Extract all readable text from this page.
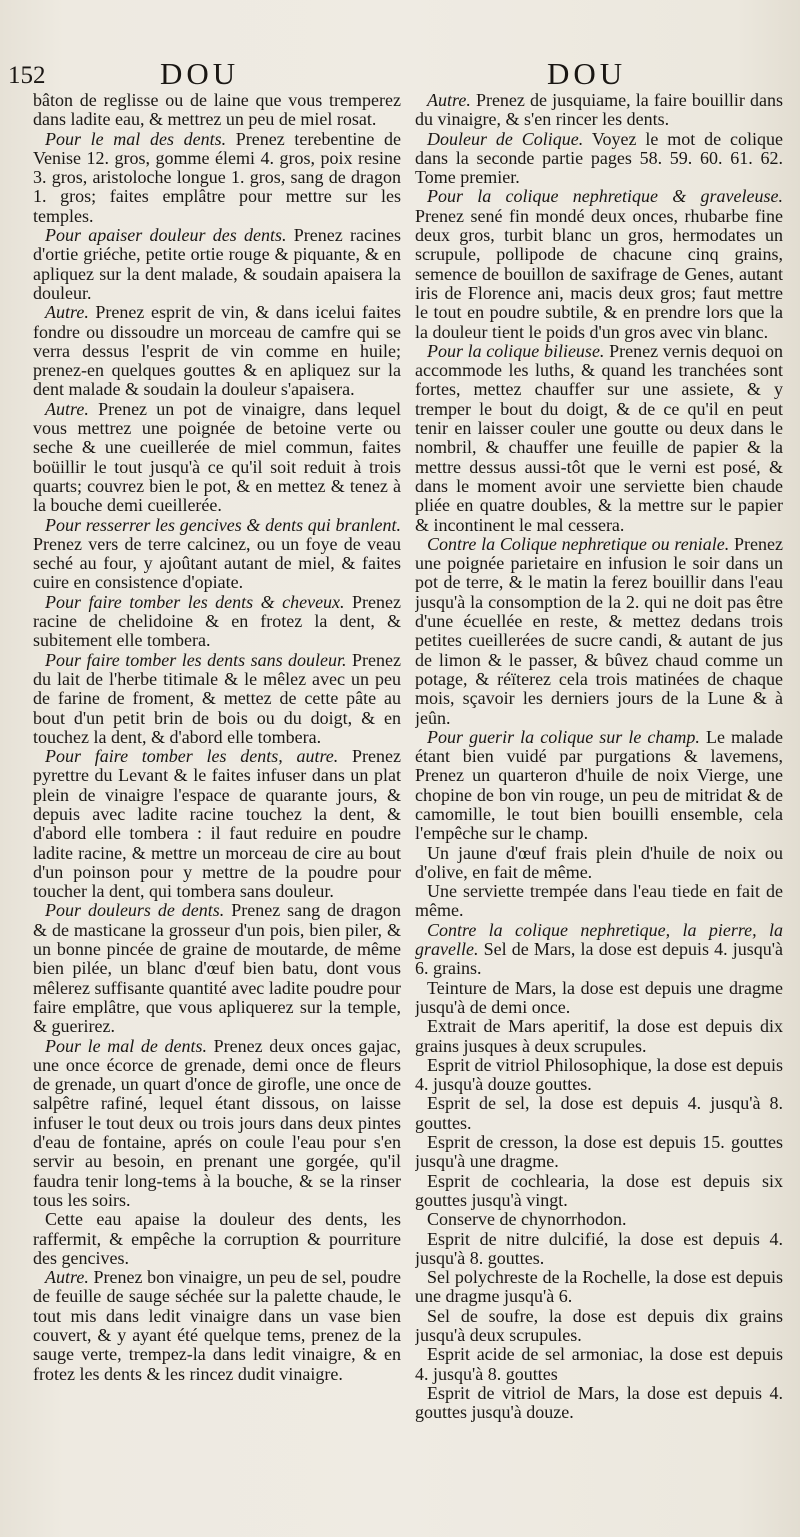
152	DOU	DOU

bâton de reglisse ou de laine que vous tremperez dans ladite eau, & mettrez un peu de miel rosat.

Pour le mal des dents. Prenez terebentine de Venise 12. gros, gomme élemi 4. gros, poix resine 3. gros, aristoloche longue 1. gros, sang de dragon 1. gros; faites emplâtre pour mettre sur les temples.

Pour apaiser douleur des dents. Prenez racines d'ortie griéche, petite ortie rouge & piquante, & en apliquez sur la dent malade, & soudain apaisera la douleur.

Autre. Prenez esprit de vin, & dans icelui faites fondre ou dissoudre un morceau de camfre qui se verra dessus l'esprit de vin comme en huile; prenez-en quelques gouttes & en apliquez sur la dent malade & soudain la douleur s'apaisera.

Autre. Prenez un pot de vinaigre, dans lequel vous mettrez une poignée de betoine verte ou seche & une cueillerée de miel commun, faites boüillir le tout jusqu'à ce qu'il soit reduit à trois quarts; couvrez bien le pot, & en mettez & tenez à la bouche demi cueillerée.

Pour resserrer les gencives & dents qui branlent. Prenez vers de terre calcinez, ou un foye de veau seché au four, y ajoûtant autant de miel, & faites cuire en consistence d'opiate.

Pour faire tomber les dents & cheveux. Prenez racine de chelidoine & en frotez la dent, & subitement elle tombera.

Pour faire tomber les dents sans douleur. Prenez du lait de l'herbe titimale & le mêlez avec un peu de farine de froment, & mettez de cette pâte au bout d'un petit brin de bois ou du doigt, & en touchez la dent, & d'abord elle tombera.

Pour faire tomber les dents, autre. Prenez pyrettre du Levant & le faites infuser dans un plat plein de vinaigre l'espace de quarante jours, & depuis avec ladite racine touchez la dent, & d'abord elle tombera : il faut reduire en poudre ladite racine, & mettre un morceau de cire au bout d'un poinson pour y mettre de la poudre pour toucher la dent, qui tombera sans douleur.

Pour douleurs de dents. Prenez sang de dragon & de masticane la grosseur d'un pois, bien piler, & un bonne pincée de graine de moutarde, de même bien pilée, un blanc d'œuf bien batu, dont vous mêlerez suffisante quantité avec ladite poudre pour faire emplâtre, que vous apliquerez sur la temple, & guerirez.

Pour le mal de dents. Prenez deux onces gajac, une once écorce de grenade, demi once de fleurs de grenade, un quart d'once de girofle, une once de salpêtre rafiné, lequel étant dissous, on laisse infuser le tout deux ou trois jours dans deux pintes d'eau de fontaine, aprés on coule l'eau pour s'en servir au besoin, en prenant une gorgée, qu'il faudra tenir long-tems à la bouche, & se la rinser tous les soirs.

Cette eau apaise la douleur des dents, les raffermit, & empêche la corruption & pourriture des gencives.

Autre. Prenez bon vinaigre, un peu de sel, poudre de feuille de sauge séchée sur la palette chaude, le tout mis dans ledit vinaigre dans un vase bien couvert, & y ayant été quelque tems, prenez de la sauge verte, trempez-la dans ledit vinaigre, & en frotez les dents & les rincez dudit vinaigre.

Autre. Prenez de jusquiame, la faire bouillir dans du vinaigre, & s'en rincer les dents.

Douleur de Colique. Voyez le mot de colique dans la seconde partie pages 58. 59. 60. 61. 62. Tome premier.

Pour la colique nephretique & graveleuse. Prenez sené fin mondé deux onces, rhubarbe fine deux gros, turbit blanc un gros, hermodates un scrupule, pollipode de chacune cinq grains, semence de bouillon de saxifrage de Genes, autant iris de Florence ani, macis deux gros; faut mettre le tout en poudre subtile, & en prendre lors que la la douleur tient le poids d'un gros avec vin blanc.

Pour la colique bilieuse. Prenez vernis dequoi on accommode les luths, & quand les tranchées sont fortes, mettez chauffer sur une assiete, & y tremper le bout du doigt, & de ce qu'il en peut tenir en laisser couler une goutte ou deux dans le nombril, & chauffer une feuille de papier & la mettre dessus aussi-tôt que le verni est posé, & dans le moment avoir une serviette bien chaude pliée en quatre doubles, & la mettre sur le papier & incontinent le mal cessera.

Contre la Colique nephretique ou reniale. Prenez une poignée parietaire en infusion le soir dans un pot de terre, & le matin la ferez bouillir dans l'eau jusqu'à la consomption de la 2. qui ne doit pas être d'une écuellée en reste, & mettez dedans trois petites cueillerées de sucre candi, & autant de jus de limon & le passer, & bûvez chaud comme un potage, & réïterez cela trois matinées de chaque mois, sçavoir les derniers jours de la Lune & à jeûn.

Pour guerir la colique sur le champ. Le malade étant bien vuidé par purgations & lavemens, Prenez un quarteron d'huile de noix Vierge, une chopine de bon vin rouge, un peu de mitridat & de camomille, le tout bien bouilli ensemble, cela l'empêche sur le champ.

Un jaune d'œuf frais plein d'huile de noix ou d'olive, en fait de même.

Une serviette trempée dans l'eau tiede en fait de même.

Contre la colique nephretique, la pierre, la gravelle. Sel de Mars, la dose est depuis 4. jusqu'à 6. grains.

Teinture de Mars, la dose est depuis une dragme jusqu'à de demi once.

Extrait de Mars aperitif, la dose est depuis dix grains jusques à deux scrupules.

Esprit de vitriol Philosophique, la dose est depuis 4. jusqu'à douze gouttes.

Esprit de sel, la dose est depuis 4. jusqu'à 8. gouttes.

Esprit de cresson, la dose est depuis 15. gouttes jusqu'à une dragme.

Esprit de cochlearia, la dose est depuis six gouttes jusqu'à vingt.

Conserve de chynorrhodon.

Esprit de nitre dulcifié, la dose est depuis 4. jusqu'à 8. gouttes.

Sel polychreste de la Rochelle, la dose est depuis une dragme jusqu'à 6.

Sel de soufre, la dose est depuis dix grains jusqu'à deux scrupules.

Esprit acide de sel armoniac, la dose est depuis 4. jusqu'à 8. gouttes

Esprit de vitriol de Mars, la dose est depuis 4. gouttes jusqu'à douze.
